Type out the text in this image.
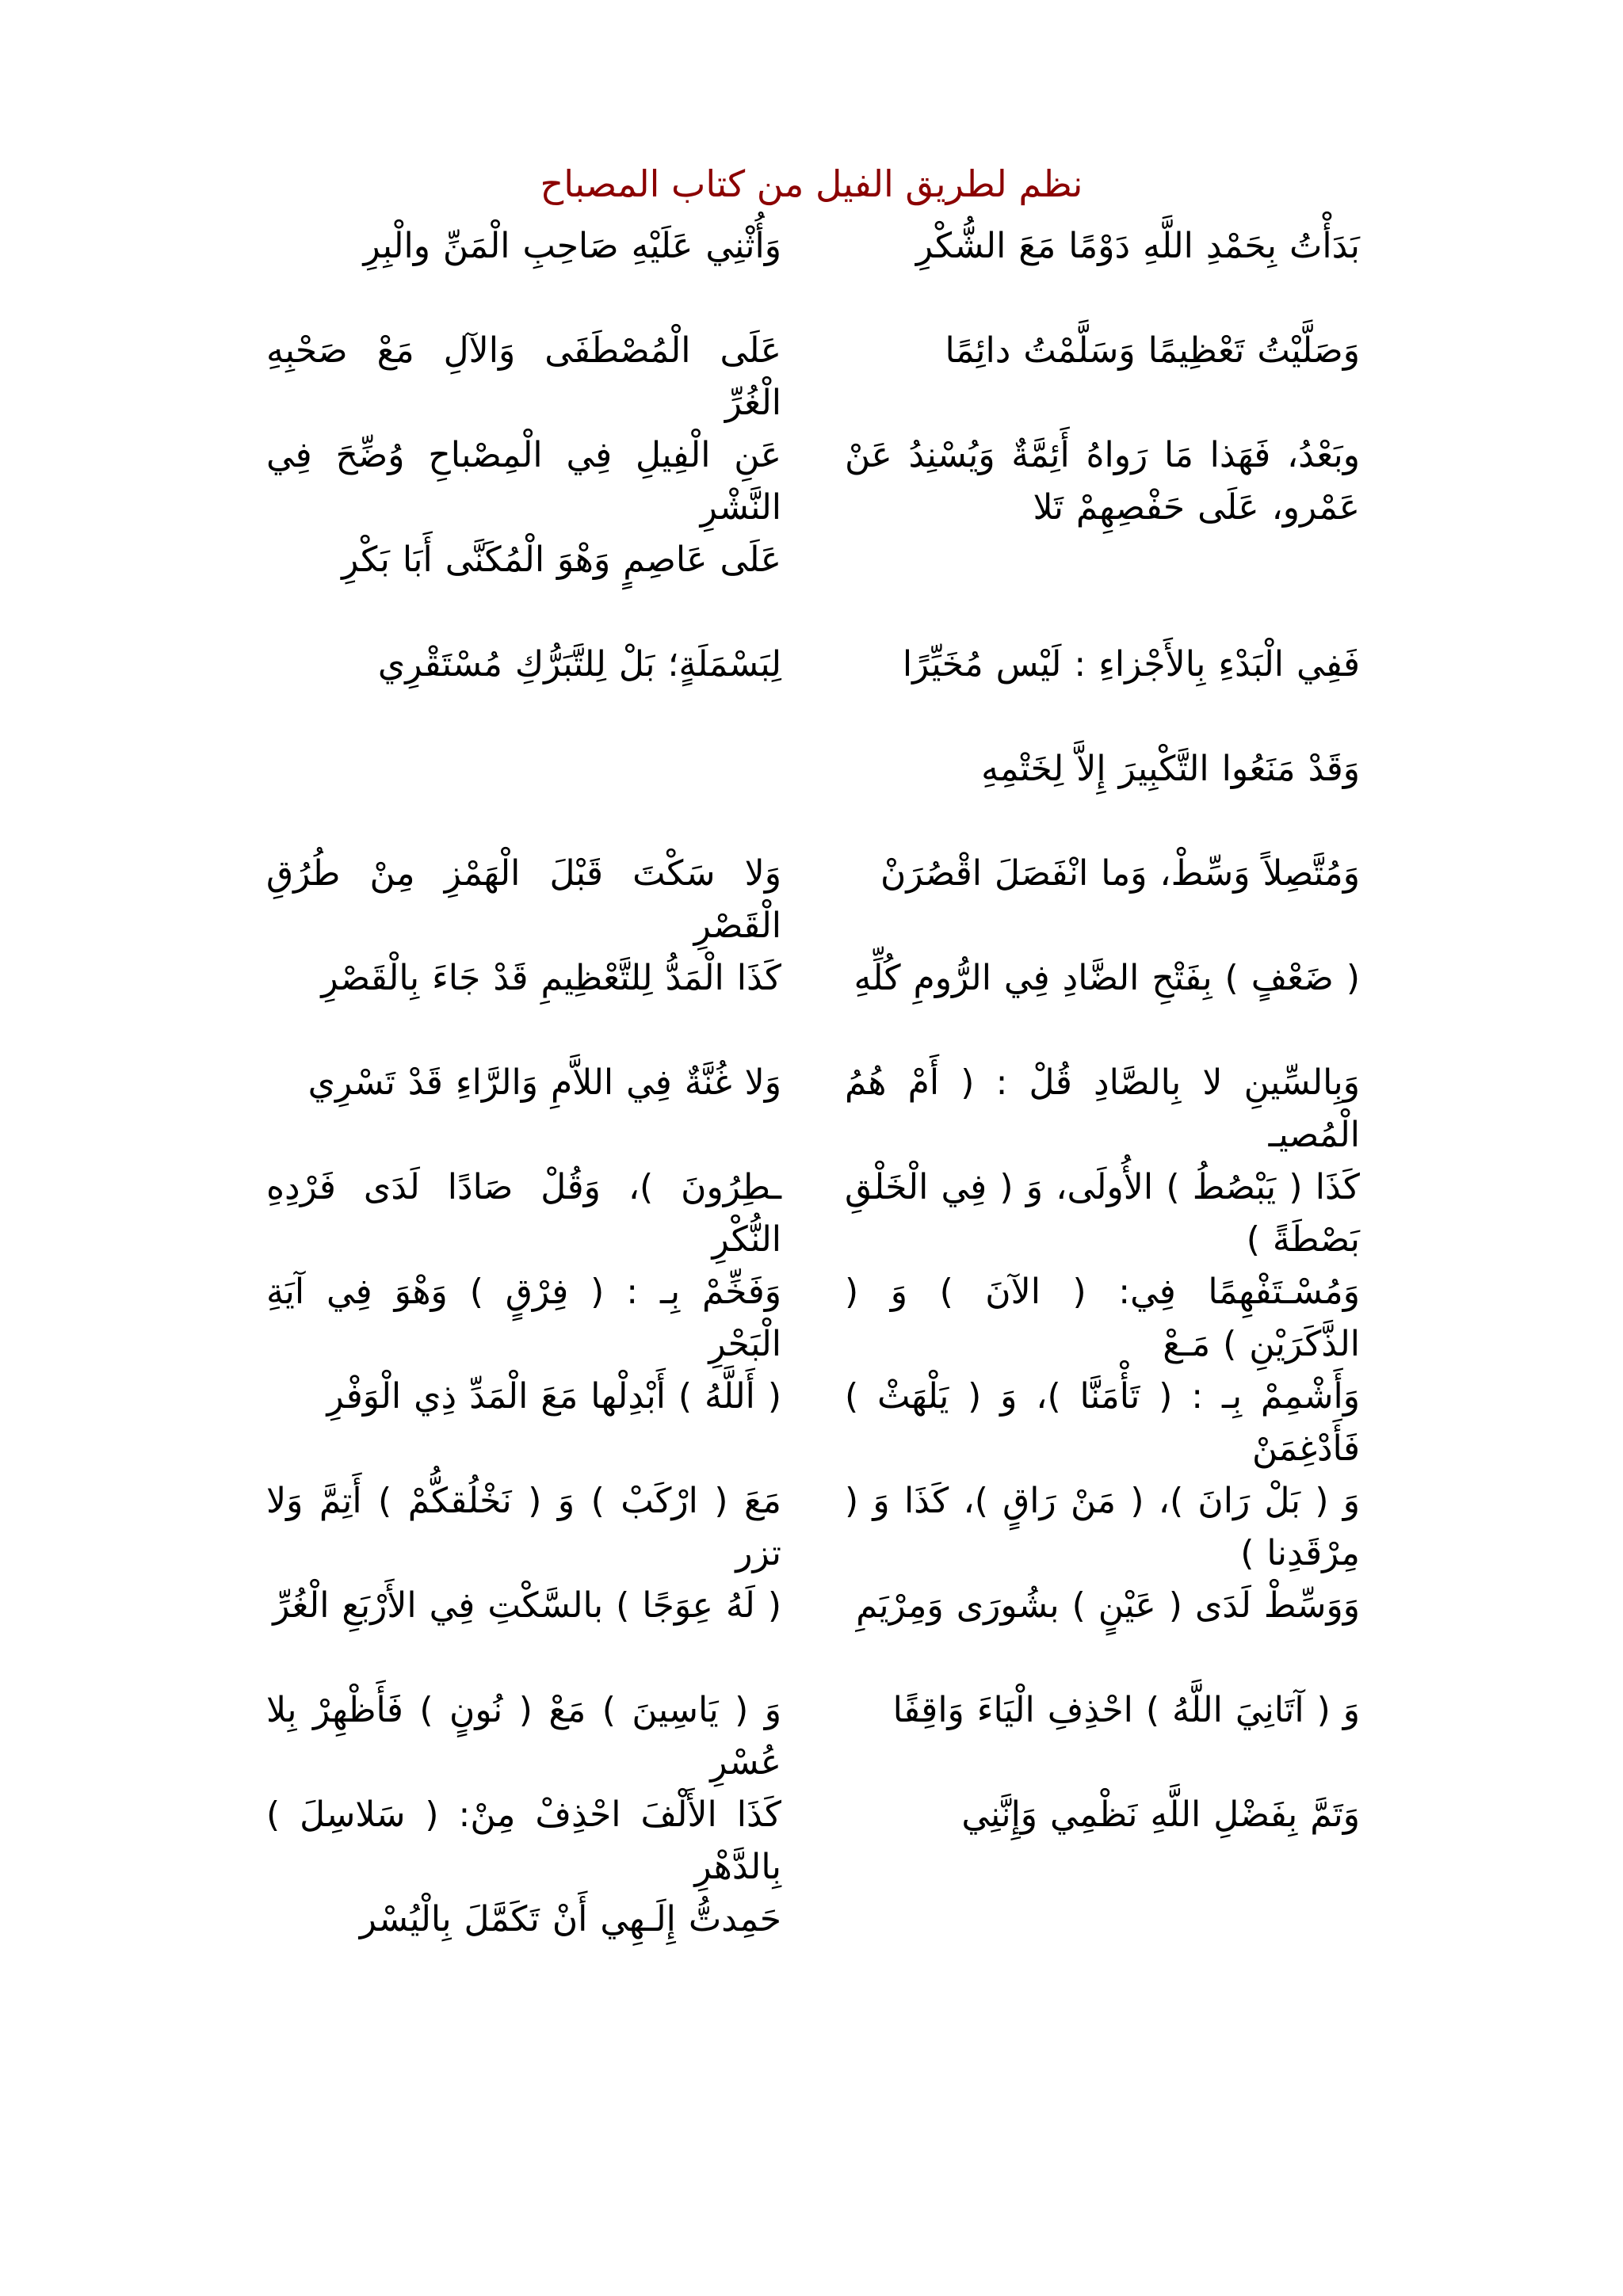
نظم لطريق الفيل من كتاب المصباح
بَدَأْتُ بِحَمْدِ اللَّهِ دَوْمًا مَعَ الشُّكْرِ
وَأُثْنِي عَلَيْهِ صَاحِبِ الْمَنِّ والْبِرِ
وَصَلَّيْتُ تَعْظِيمًا وَسَلَّمْتُ دائِمًا
عَلَى الْمُصْطَفَى وَالآلِ مَعْ صَحْبِهِ الْغُرِّ
وبَعْدُ، فَهَذا مَا رَواهُ أَئِمَّةٌ وَيُسْنِدُ عَنْ عَمْرو، عَلَى حَفْصِهِمْ تَلا
عَنِ الْفِيلِ فِي الْمِصْباحِ وُضِّحَ فِي النَّشْرِ
عَلَى عَاصِمٍ وَهْوَ الْمُكَنَّى أَبَا بَكْرِ
فَفِي الْبَدْءِ بِالأَجْزاءِ : لَيْس مُخَيِّرًا
لِبَسْمَلَةٍ؛ بَلْ لِلتَّبَرُّكِ مُسْتَقْرِي
وَقَدْ مَنَعُوا التَّكْبِيرَ إِلاَّ لِخَتْمِهِ
وَمُتَّصِلاً وَسِّطْ، وَما انْفَصَلَ اقْصُرَنْ
وَلا سَكْتَ قَبْلَ الْهَمْزِ مِنْ طُرُقِ الْقَصْرِ
( ضَعْفٍ ) بِفَتْحِ الضَّادِ فِي الرُّومِ كُلِّهِ
كَذَا الْمَدُّ لِلتَّعْظِيمِ قَدْ جَاءَ بِالْقَصْرِ
وَبِالسِّينِ لا بِالصَّادِ قُلْ : ( أَمْ هُمُ الْمُصيـ
وَلا غُنَّةٌ فِي اللاَّمِ وَالرَّاءِ قَدْ تَسْرِي
كَذَا ( يَبْصُطُ ) الأُولَى، وَ ( فِي الْخَلْقِ بَصْطَةً )
ـطِرُونَ )، وَقُلْ صَادًا لَدَى فَرْدِهِ النُّكْرِ
وَمُسْـتَفْهِمًا فِي: ( الآنَ ) وَ ( الذَّكَرَيْنِ ) مَـعْ
وَفَخِّمْ بِـ : ( فِرْقٍ ) وَهْوَ فِي آيَةِ الْبَحْرِ
وَأَشْمِمْ بِـ : ( تَأْمَنَّا )، وَ ( يَلْهَثْ ) فَأَدْغِمَنْ
( أَللَّهُ ) أَبْدِلْها مَعَ الْمَدِّ ذِي الْوَفْرِ
وَ ( بَلْ رَانَ )، ( مَنْ رَاقٍ )، كَذَا وَ ( مِرْقَدِنا )
مَعَ ( ارْكَبْ ) وَ ( نَخْلُقكُّمْ ) أَتِمَّ وَلا تزر
وَوَسِّطْ لَدَى ( عَيْنٍ ) بشُورَى وَمِرْيَمِ
( لَهُ عِوَجًا ) بالسَّكْتِ فِي الأَرْبَعِ الْغُرِّ
وَ ( آتَانِيَ اللَّهُ ) احْذِفِ الْيَاءَ وَاقِفًا
وَ ( يَاسِينَ ) مَعْ ( نُونٍ ) فَأَظْهِرْ بِلا عُسْرِ
وَتَمَّ بِفَضْلِ اللَّهِ نَظْمِي وَإِنَّنِي
كَذَا الأَلْفَ احْذِفْ مِنْ: ( سَلاسِلَ ) بِالدَّهْرِ
حَمِدتُّ إِلَـهِي أَنْ تَكَمَّلَ بِالْيُسْر
